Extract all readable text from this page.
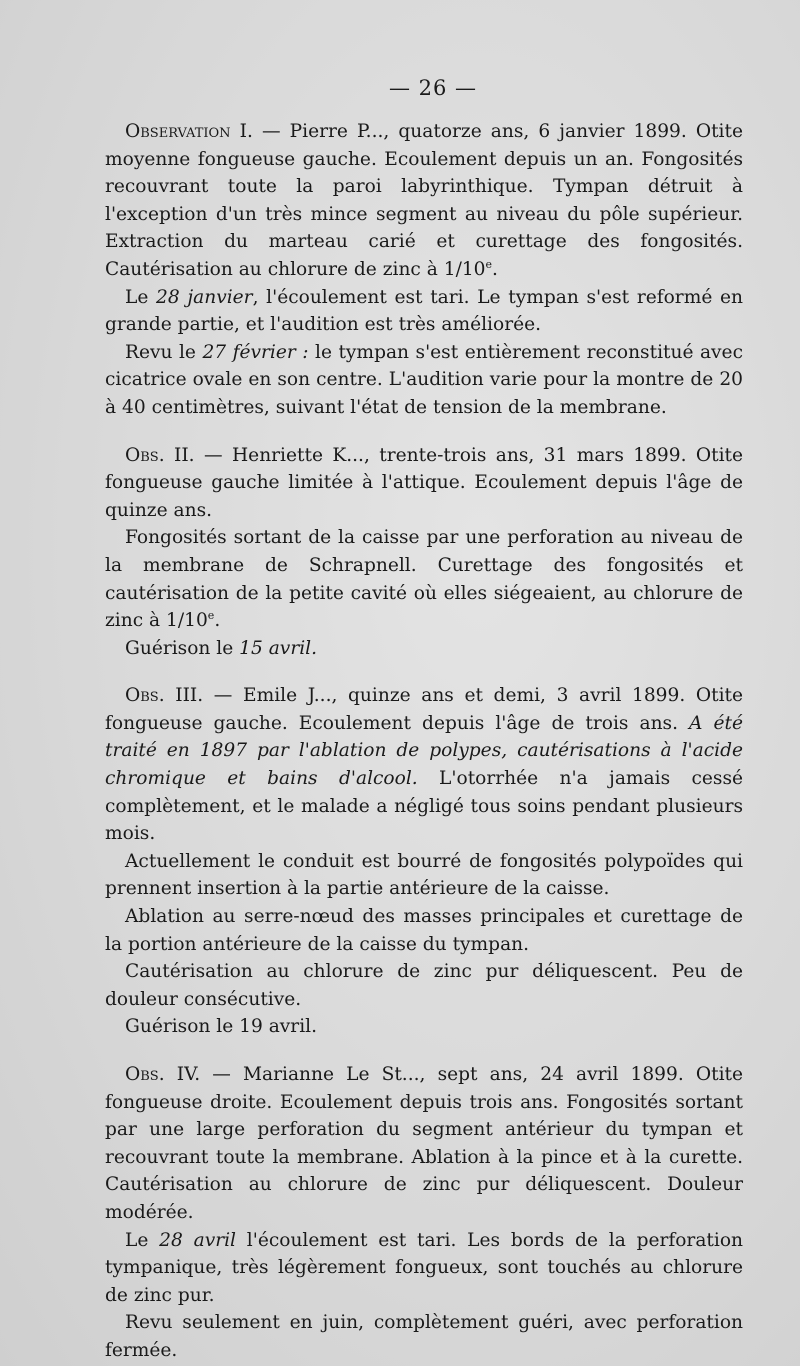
— 26 —

Observation I. — Pierre P..., quatorze ans, 6 janvier 1899. Otite moyenne fongueuse gauche. Ecoulement depuis un an. Fongosités recouvrant toute la paroi labyrinthique. Tympan détruit à l'exception d'un très mince segment au niveau du pôle supérieur. Extraction du marteau carié et curettage des fongosités. Cautérisation au chlorure de zinc à 1/10e.

Le 28 janvier, l'écoulement est tari. Le tympan s'est reformé en grande partie, et l'audition est très améliorée.

Revu le 27 février : le tympan s'est entièrement reconstitué avec cicatrice ovale en son centre. L'audition varie pour la montre de 20 à 40 centimètres, suivant l'état de tension de la membrane.

Obs. II. — Henriette K..., trente-trois ans, 31 mars 1899. Otite fongueuse gauche limitée à l'attique. Ecoulement depuis l'âge de quinze ans.

Fongosités sortant de la caisse par une perforation au niveau de la membrane de Schrapnell. Curettage des fongosités et cautérisation de la petite cavité où elles siégeaient, au chlorure de zinc à 1/10e.

Guérison le 15 avril.

Obs. III. — Emile J..., quinze ans et demi, 3 avril 1899. Otite fongueuse gauche. Ecoulement depuis l'âge de trois ans. A été traité en 1897 par l'ablation de polypes, cautérisations à l'acide chromique et bains d'alcool. L'otorrhée n'a jamais cessé complètement, et le malade a négligé tous soins pendant plusieurs mois.

Actuellement le conduit est bourré de fongosités polypoïdes qui prennent insertion à la partie antérieure de la caisse.

Ablation au serre-nœud des masses principales et curettage de la portion antérieure de la caisse du tympan.

Cautérisation au chlorure de zinc pur déliquescent. Peu de douleur consécutive.

Guérison le 19 avril.

Obs. IV. — Marianne Le St..., sept ans, 24 avril 1899. Otite fongueuse droite. Ecoulement depuis trois ans. Fongosités sortant par une large perforation du segment antérieur du tympan et recouvrant toute la membrane. Ablation à la pince et à la curette. Cautérisation au chlorure de zinc pur déliquescent. Douleur modérée.

Le 28 avril l'écoulement est tari. Les bords de la perforation tympanique, très légèrement fongueux, sont touchés au chlorure de zinc pur.

Revu seulement en juin, complètement guéri, avec perforation fermée.
